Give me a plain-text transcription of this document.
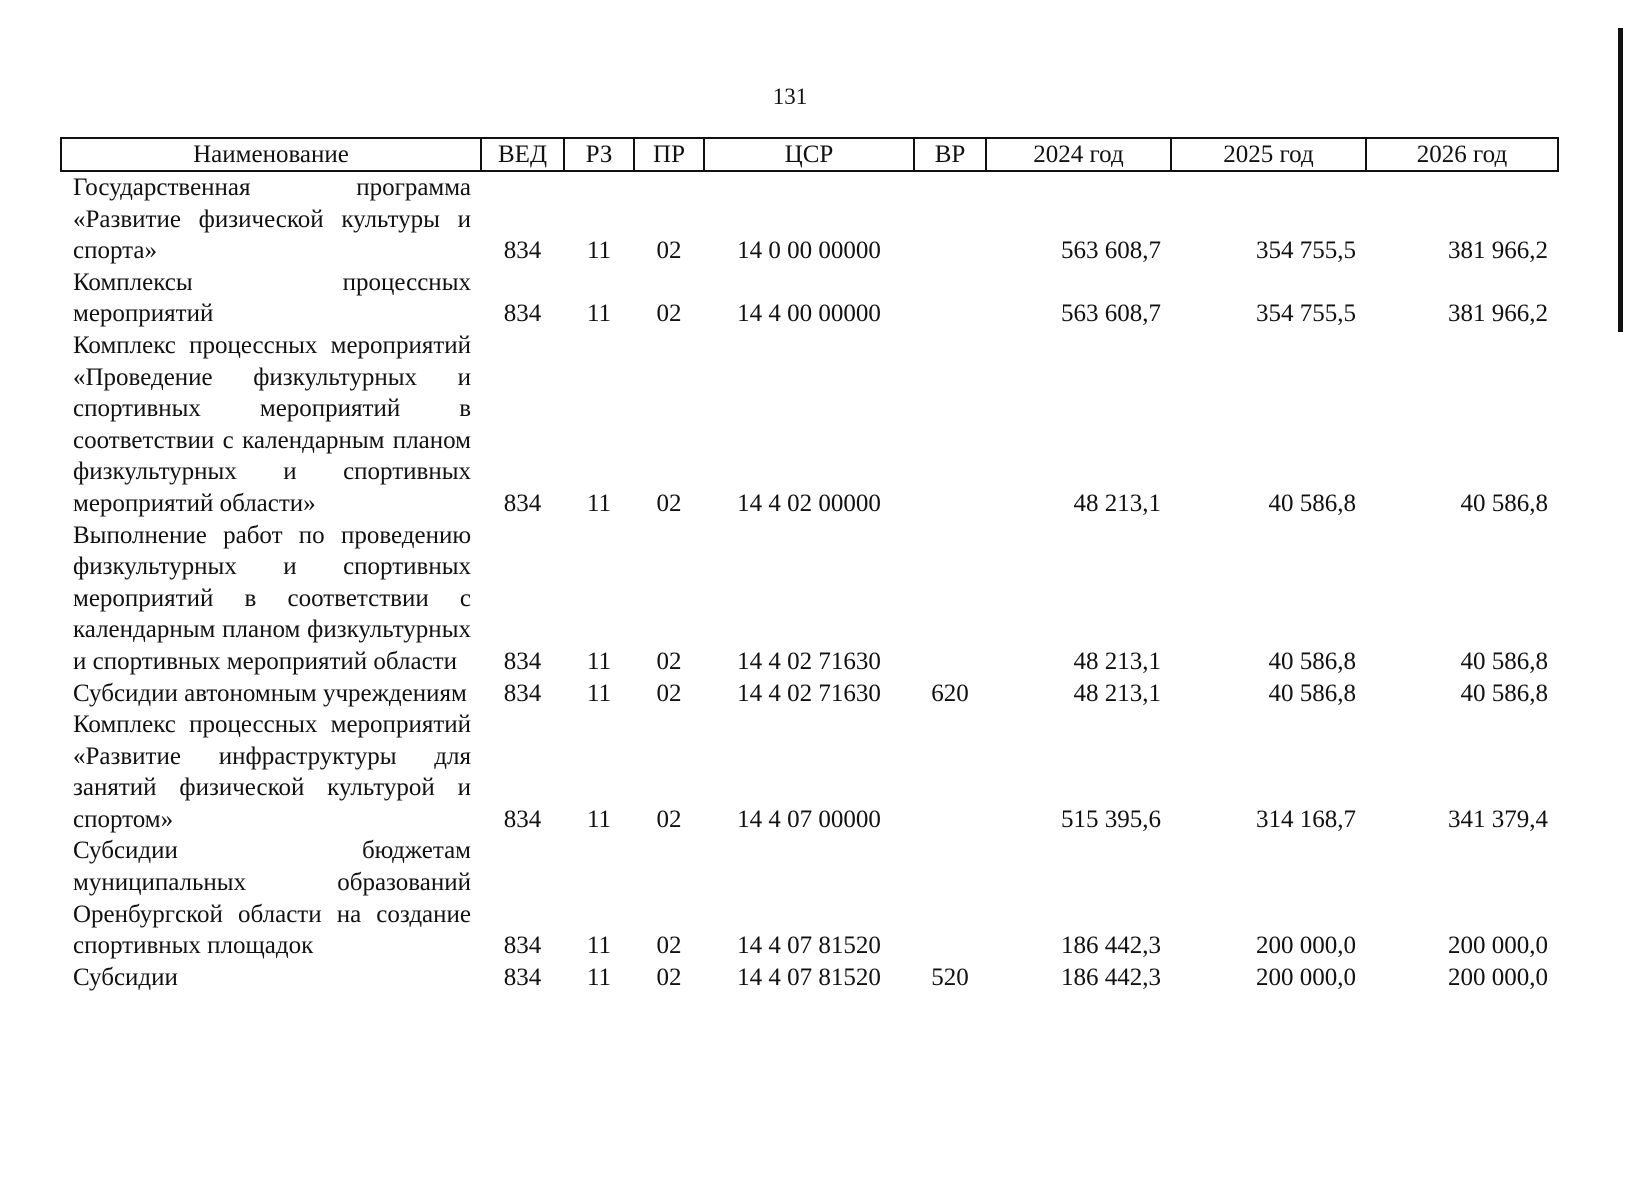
131
Наименование	ВЕД	РЗ	ПР	ЦСР	ВР	2024 год	2025 год	2026 год
Государственная программа «Развитие физической культуры и спорта»	834	11	02	14 0 00 00000		563 608,7	354 755,5	381 966,2
Комплексы процессных мероприятий	834	11	02	14 4 00 00000		563 608,7	354 755,5	381 966,2
Комплекс процессных мероприятий «Проведение физкультурных и спортивных мероприятий в соответствии с календарным планом физкультурных и спортивных мероприятий области»	834	11	02	14 4 02 00000		48 213,1	40 586,8	40 586,8
Выполнение работ по проведению физкультурных и спортивных мероприятий в соответствии с календарным планом физкультурных и спортивных мероприятий области	834	11	02	14 4 02 71630		48 213,1	40 586,8	40 586,8
Субсидии автономным учреждениям	834	11	02	14 4 02 71630	620	48 213,1	40 586,8	40 586,8
Комплекс процессных мероприятий «Развитие инфраструктуры для занятий физической культурой и спортом»	834	11	02	14 4 07 00000		515 395,6	314 168,7	341 379,4
Субсидии бюджетам муниципальных образований Оренбургской области на создание спортивных площадок	834	11	02	14 4 07 81520		186 442,3	200 000,0	200 000,0
Субсидии	834	11	02	14 4 07 81520	520	186 442,3	200 000,0	200 000,0
